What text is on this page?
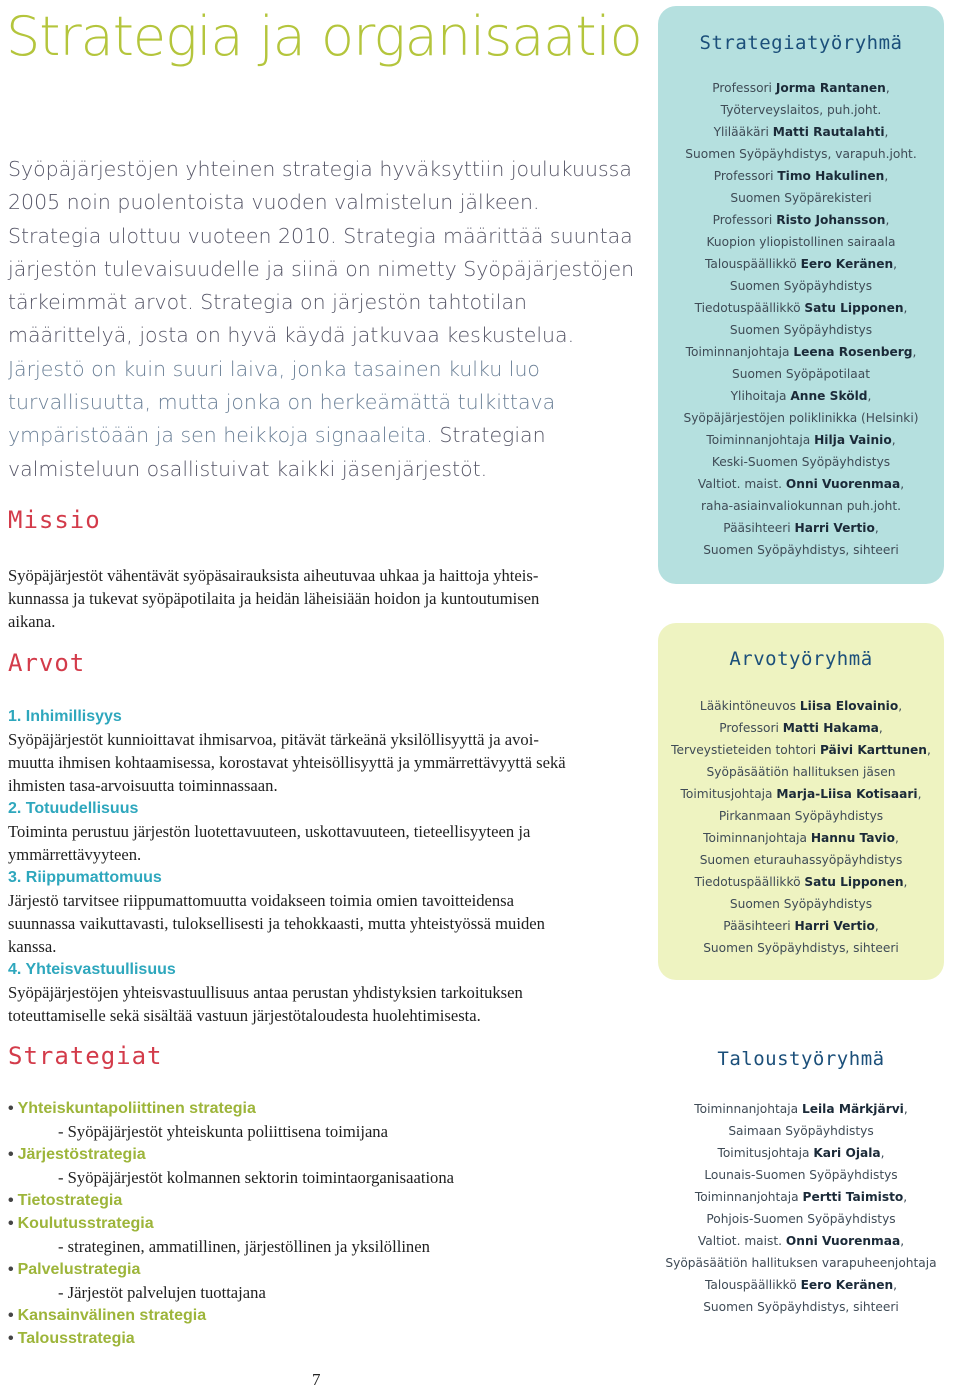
Strategia ja organisaatio

Syöpäjärjestöjen yhteinen strategia hyväksyttiin joulukuussa 2005 noin puolentoista vuoden valmistelun jälkeen. Strategia ulottuu vuoteen 2010. Strategia määrittää suuntaa järjestön tulevaisuudelle ja siinä on nimetty Syöpäjärjestöjen tärkeimmät arvot. Strategia on järjestön tahtotilan määrittelyä, josta on hyvä käydä jatkuvaa keskustelua. Järjestö on kuin suuri laiva, jonka tasainen kulku luo turvallisuutta, mutta jonka on herkeämättä tulkittava ympäristöään ja sen heikkoja signaaleita. Strategian valmisteluun osallistuivat kaikki jäsenjärjestöt.

Missio
Syöpäjärjestöt vähentävät syöpäsairauksista aiheutuvaa uhkaa ja haittoja yhteis-
kunnassa ja tukevat syöpäpotilaita ja heidän läheisiään hoidon ja kuntoutumisen
aikana.
Arvot
1. Inhimillisyys
Syöpäjärjestöt kunnioittavat ihmisarvoa, pitävät tärkeänä yksilöllisyyttä ja avoi-
muutta ihmisen kohtaamisessa, korostavat yhteisöllisyyttä ja ymmärrettävyyttä sekä
ihmisten tasa-arvoisuutta toiminnassaan.
2. Totuudellisuus
Toiminta perustuu järjestön luotettavuuteen, uskottavuuteen, tieteellisyyteen ja
ymmärrettävyyteen.
3. Riippumattomuus
Järjestö tarvitsee riippumattomuutta voidakseen toimia omien tavoitteidensa
suunnassa vaikuttavasti, tuloksellisesti ja tehokkaasti, mutta yhteistyössä muiden
kanssa.
4. Yhteisvastuullisuus
Syöpäjärjestöjen yhteisvastuullisuus antaa perustan yhdistyksien tarkoituksen
toteuttamiselle sekä sisältää vastuun järjestötaloudesta huolehtimisesta.
Strategiat
• Yhteiskuntapoliittinen strategia
- Syöpäjärjestöt yhteiskunta poliittisena toimijana
• Järjestöstrategia
- Syöpäjärjestöt kolmannen sektorin toimintaorganisaationa
• Tietostrategia
• Koulutusstrategia
- strateginen, ammatillinen, järjestöllinen ja yksilöllinen
• Palvelustrategia
- Järjestöt palvelujen tuottajana
• Kansainvälinen strategia
• Talousstrategia
7
Strategiatyöryhmä
Professori Jorma Rantanen,
Työterveyslaitos, puh.joht.
Ylilääkäri Matti Rautalahti,
Suomen Syöpäyhdistys, varapuh.joht.
Professori Timo Hakulinen,
Suomen Syöpärekisteri
Professori Risto Johansson,
Kuopion yliopistollinen sairaala
Talouspäällikkö Eero Keränen,
Suomen Syöpäyhdistys
Tiedotuspäällikkö Satu Lipponen,
Suomen Syöpäyhdistys
Toiminnanjohtaja Leena Rosenberg,
Suomen Syöpäpotilaat
Ylihoitaja Anne Sköld,
Syöpäjärjestöjen poliklinikka (Helsinki)
Toiminnanjohtaja Hilja Vainio,
Keski-Suomen Syöpäyhdistys
Valtiot. maist. Onni Vuorenmaa,
raha-asiainvaliokunnan puh.joht.
Pääsihteeri Harri Vertio,
Suomen Syöpäyhdistys, sihteeri
Arvotyöryhmä
Lääkintöneuvos Liisa Elovainio,
Professori Matti Hakama,
Terveystieteiden tohtori Päivi Karttunen,
Syöpäsäätiön hallituksen jäsen
Toimitusjohtaja Marja-Liisa Kotisaari,
Pirkanmaan Syöpäyhdistys
Toiminnanjohtaja Hannu Tavio,
Suomen eturauhassyöpäyhdistys
Tiedotuspäällikkö Satu Lipponen,
Suomen Syöpäyhdistys
Pääsihteeri Harri Vertio,
Suomen Syöpäyhdistys, sihteeri
Taloustyöryhmä
Toiminnanjohtaja Leila Märkjärvi,
Saimaan Syöpäyhdistys
Toimitusjohtaja Kari Ojala,
Lounais-Suomen Syöpäyhdistys
Toiminnanjohtaja Pertti Taimisto,
Pohjois-Suomen Syöpäyhdistys
Valtiot. maist. Onni Vuorenmaa,
Syöpäsäätiön hallituksen varapuheenjohtaja
Talouspäällikkö Eero Keränen,
Suomen Syöpäyhdistys, sihteeri
